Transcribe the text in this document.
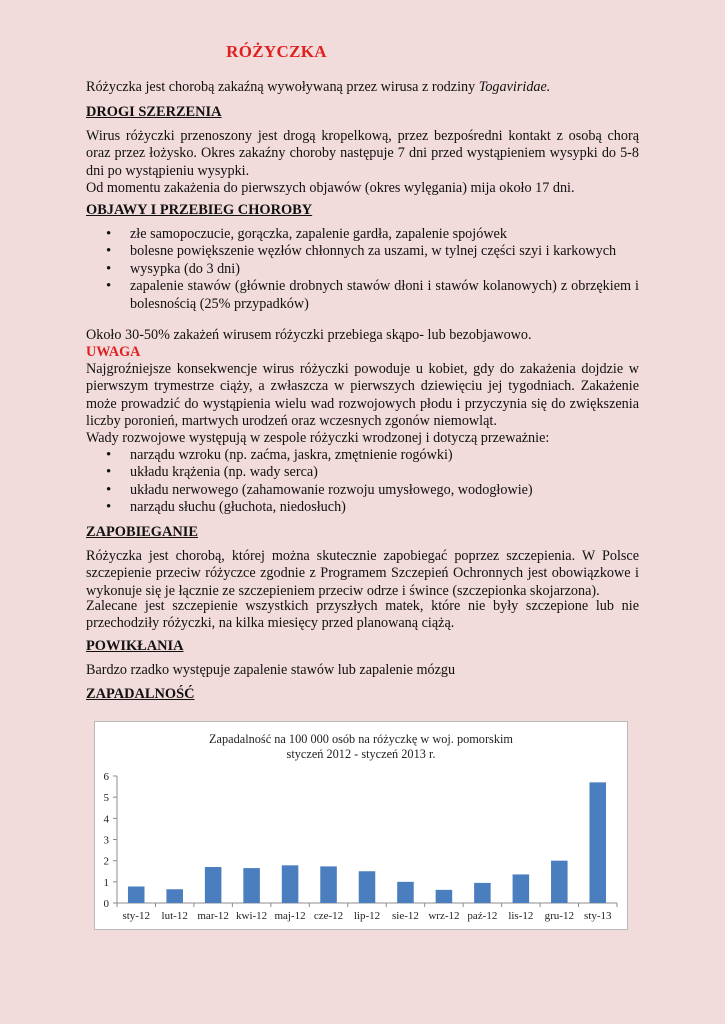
RÓŻYCZKA
Różyczka jest chorobą zakaźną wywoływaną przez wirusa z rodziny Togaviridae.
DROGI SZERZENIA
Wirus różyczki przenoszony jest drogą kropelkową, przez bezpośredni kontakt z osobą chorą oraz przez łożysko. Okres zakaźny choroby następuje 7 dni przed wystąpieniem wysypki do 5-8 dni po wystąpieniu wysypki.
Od momentu zakażenia do pierwszych objawów (okres wylęgania) mija około 17 dni.
OBJAWY I PRZEBIEG CHOROBY
• złe samopoczucie, gorączka, zapalenie gardła, zapalenie spojówek
• bolesne powiększenie węzłów chłonnych za uszami, w tylnej części szyi i karkowych
• wysypka (do 3 dni)
• zapalenie stawów (głównie drobnych stawów dłoni i stawów kolanowych) z obrzękiem i bolesnością (25% przypadków)
Około 30-50% zakażeń wirusem różyczki przebiega skąpo- lub bezobjawowo.
UWAGA
Najgroźniejsze konsekwencje wirus różyczki powoduje u kobiet, gdy do zakażenia dojdzie w pierwszym trymestrze ciąży, a zwłaszcza w pierwszych dziewięciu jej tygodniach. Zakażenie może prowadzić do wystąpienia wielu wad rozwojowych płodu i przyczynia się do zwiększenia liczby poronień, martwych urodzeń oraz wczesnych zgonów niemowląt.
Wady rozwojowe występują w zespole różyczki wrodzonej i dotyczą przeważnie:
• narządu wzroku (np. zaćma, jaskra, zmętnienie rogówki)
• układu krążenia (np. wady serca)
• układu nerwowego (zahamowanie rozwoju umysłowego, wodogłowie)
• narządu słuchu (głuchota, niedosłuch)
ZAPOBIEGANIE
Różyczka jest chorobą, której można skutecznie zapobiegać poprzez szczepienia. W Polsce szczepienie przeciw różyczce zgodnie z Programem Szczepień Ochronnych jest obowiązkowe i wykonuje się je łącznie ze szczepieniem przeciw odrze i śwince (szczepionka skojarzona).
Zalecane jest szczepienie wszystkich przyszłych matek, które nie były szczepione lub nie przechodziły różyczki, na kilka miesięcy przed planowaną ciążą.
POWIKŁANIA
Bardzo rzadko występuje zapalenie stawów lub zapalenie mózgu
ZAPADALNOŚĆ
Zapadalność na 100 000 osób na różyczkę w woj. pomorskim
styczeń 2012 - styczeń 2013 r.
0
1
2
3
4
5
6
sty-12 lut-12 mar-12 kwi-12 maj-12 cze-12 lip-12 sie-12 wrz-12 paź-12 lis-12 gru-12 sty-13
